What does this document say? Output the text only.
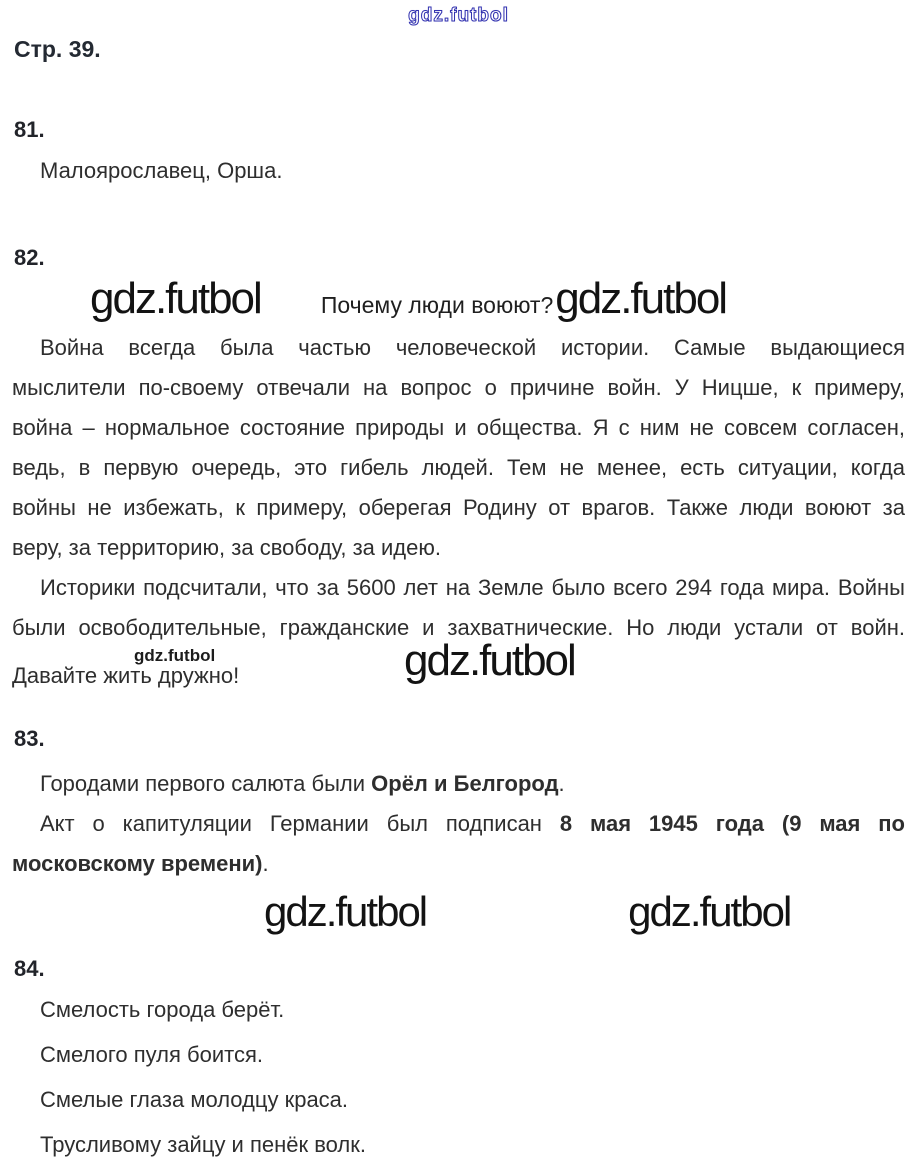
gdz.futbol
Стр. 39.
81.
Малоярославец, Орша.
82.
gdz.futbol	Почему люди воюют? gdz.futbol
Война всегда была частью человеческой истории. Самые выдающиеся
мыслители по-своему отвечали на вопрос о причине войн. У Ницше, к примеру,
война – нормальное состояние природы и общества. Я с ним не совсем согласен,
ведь, в первую очередь, это гибель людей. Тем не менее, есть ситуации, когда
войны не избежать, к примеру, оберегая Родину от врагов. Также люди воюют за
веру, за территорию, за свободу, за идею.
Историки подсчитали, что за 5600 лет на Земле было всего 294 года мира. Войны
были освободительные, гражданские и захватнические. Но люди устали от войн.
gdz.futbol
Давайте жить дружно!	gdz.futbol
83.
Городами первого салюта были Орёл и Белгород.
Акт о капитуляции Германии был подписан 8 мая 1945 года (9 мая по
московскому времени).
gdz.futbol	gdz.futbol
84.
Смелость города берёт.
Смелого пуля боится.
Смелые глаза молодцу краса.
Трусливому зайцу и пенёк волк.
